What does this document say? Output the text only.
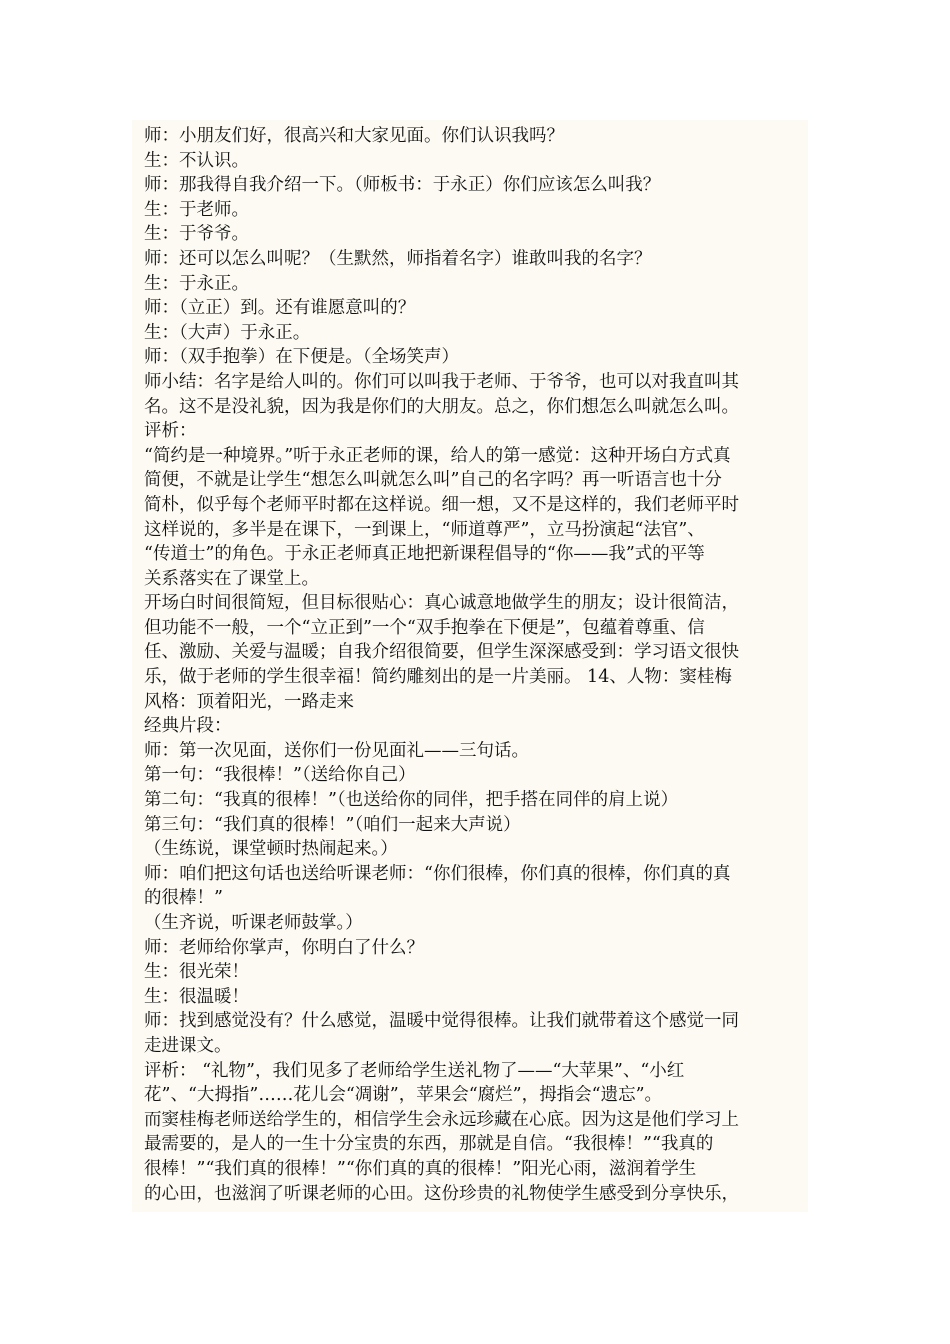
师：小朋友们好，很高兴和大家见面。你们认识我吗？
生：不认识。
师：那我得自我介绍一下。（师板书：于永正）你们应该怎么叫我？
生：于老师。
生：于爷爷。
师：还可以怎么叫呢？（生默然，师指着名字）谁敢叫我的名字？
生：于永正。
师：（立正）到。还有谁愿意叫的？
生：（大声）于永正。
师：（双手抱拳）在下便是。（全场笑声）
师小结：名字是给人叫的。你们可以叫我于老师、于爷爷，也可以对我直叫其
名。这不是没礼貌，因为我是你们的大朋友。总之，你们想怎么叫就怎么叫。
评析：
“简约是一种境界。”听于永正老师的课，给人的第一感觉：这种开场白方式真
简便，不就是让学生“想怎么叫就怎么叫”自己的名字吗？再一听语言也十分
简朴，似乎每个老师平时都在这样说。细一想，又不是这样的，我们老师平时
这样说的，多半是在课下，一到课上，“师道尊严”，立马扮演起“法官”、
“传道士”的角色。于永正老师真正地把新课程倡导的“你——我”式的平等
关系落实在了课堂上。
开场白时间很简短，但目标很贴心：真心诚意地做学生的朋友；设计很简洁，
但功能不一般，一个“立正到”一个“双手抱拳在下便是”，包蕴着尊重、信
任、激励、关爱与温暖；自我介绍很简要，但学生深深感受到：学习语文很快
乐，做于老师的学生很幸福！简约雕刻出的是一片美丽。 14、人物：窦桂梅
风格：顶着阳光，一路走来
经典片段：
师：第一次见面，送你们一份见面礼——三句话。
第一句：“我很棒！”（送给你自己）
第二句：“我真的很棒！”（也送给你的同伴，把手搭在同伴的肩上说）
第三句：“我们真的很棒！”（咱们一起来大声说）
（生练说，课堂顿时热闹起来。）
师：咱们把这句话也送给听课老师：“你们很棒，你们真的很棒，你们真的真
的很棒！”
（生齐说，听课老师鼓掌。）
师：老师给你掌声，你明白了什么？
生：很光荣！
生：很温暖！
师：找到感觉没有？什么感觉，温暖中觉得很棒。让我们就带着这个感觉一同
走进课文。
评析： “礼物”，我们见多了老师给学生送礼物了——“大苹果”、“小红
花”、“大拇指”……花儿会“凋谢”，苹果会“腐烂”，拇指会“遗忘”。
而窦桂梅老师送给学生的，相信学生会永远珍藏在心底。因为这是他们学习上
最需要的，是人的一生十分宝贵的东西，那就是自信。“我很棒！”“我真的
很棒！”“我们真的很棒！”“你们真的真的很棒！”阳光心雨，滋润着学生
的心田，也滋润了听课老师的心田。这份珍贵的礼物使学生感受到分享快乐，
